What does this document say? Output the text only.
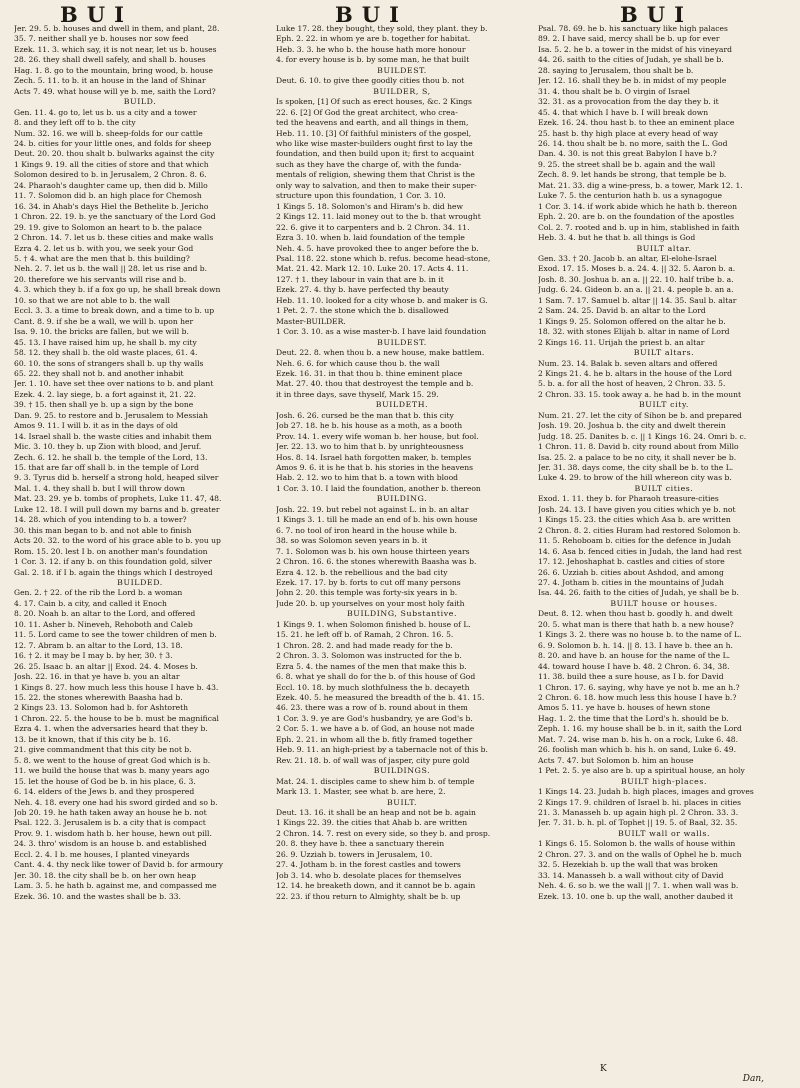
BUI	BUI	BUI
Jer. 29. 5. b. houses and dwell in them, and plant, 28.
35. 7. neither shall ye b. houses nor sow feed
Ezek. 11. 3. which say, it is not near, let us b. houses
28. 26. they shall dwell safely, and shall b. houses
Hag. 1. 8. go to the mountain, bring wood, b. house
Zech. 5. 11. to b. it an house in the land of Shinar
Acts 7. 49. what house will ye b. me, saith the Lord?
BUILD.
Gen. 11. 4. go to, let us b. us a city and a tower
8. and they left off to b. the city
Num. 32. 16. we will b. sheep-folds for our cattle
24. b. cities for your little ones, and folds for sheep
Deut. 20. 20. thou shalt b. bulwarks against the city
1 Kings 9. 19. all the cities of store and that which
Solomon desired to b. in Jerusalem, 2 Chron. 8. 6.
24. Pharaoh's daughter came up, then did b. Millo
11. 7. Solomon did b. an high place for Chemosh
16. 34. in Ahab's days Hiel the Bethelite b. Jericho
1 Chron. 22. 19. b. ye the sanctuary of the Lord God
29. 19. give to Solomon an heart to b. the palace
2 Chron. 14. 7. let us b. these cities and make walls
Ezra 4. 2. let us b. with you, we seek your God
5. † 4. what are the men that b. this building?
Neh. 2. 7. let us b. the wall || 28. let us rise and b.
20. therefore we his servants will rise and b.
4. 3. which they b. if a fox go up, he shall break down
10. so that we are not able to b. the wall
Eccl. 3. 3. a time to break down, and a time to b. up
Cant. 8. 9. if she be a wall, we will b. upon her
Isa. 9. 10. the bricks are fallen, but we will b.
45. 13. I have raised him up, he shall b. my city
58. 12. they shall b. the old waste places, 61. 4.
60. 10. the sons of strangers shall b. up thy walls
65. 22. they shall not b. and another inhabit
Jer. 1. 10. have set thee over nations to b. and plant
Ezek. 4. 2. lay siege, b. a fort against it, 21. 22.
39. † 15. then shall ye b. up a sign by the bone
Dan. 9. 25. to restore and b. Jerusalem to Messiah
Amos 9. 11. I will b. it as in the days of old
14. Israel shall b. the waste cities and inhabit them
Mic. 3. 10. they b. up Zion with blood, and Jeruf.
Zech. 6. 12. he shall b. the temple of the Lord, 13.
15. that are far off shall b. in the temple of Lord
9. 3. Tyrus did b. herself a strong hold, heaped silver
Mal. 1. 4. they shall b. but I will throw down
Mat. 23. 29. ye b. tombs of prophets, Luke 11. 47, 48.
Luke 12. 18. I will pull down my barns and b. greater
14. 28. which of you intending to b. a tower?
30. this man began to b. and not able to finish
Acts 20. 32. to the word of his grace able to b. you up
Rom. 15. 20. lest I b. on another man's foundation
1 Cor. 3. 12. if any b. on this foundation gold, silver
Gal. 2. 18. if I b. again the things which I destroyed
BUILDED.
Gen. 2. † 22. of the rib the Lord b. a woman
4. 17. Cain b. a city, and called it Enoch
8. 20. Noah b. an altar to the Lord, and offered
10. 11. Asher b. Nineveh, Rehoboth and Caleb
11. 5. Lord came to see the tower children of men b.
12. 7. Abram b. an altar to the Lord, 13. 18.
16. † 2. it may be I may b. by her, 30. † 3.
26. 25. Isaac b. an altar || Exod. 24. 4. Moses b.
Josh. 22. 16. in that ye have b. you an altar
1 Kings 8. 27. how much less this house I have b. 43.
15. 22. the stones wherewith Baasha had b.
2 Kings 23. 13. Solomon had b. for Ashtoreth
1 Chron. 22. 5. the house to be b. must be magnifical
Ezra 4. 1. when the adversaries heard that they b.
13. be it known, that if this city be b. 16.
21. give commandment that this city be not b.
5. 8. we went to the house of great God which is b.
11. we build the house that was b. many years ago
15. let the house of God be b. in his place, 6. 3.
6. 14. elders of the Jews b. and they prospered
Neh. 4. 18. every one had his sword girded and so b.
Job 20. 19. he hath taken away an house he b. not
Psal. 122. 3. Jerusalem is b. a city that is compact
Prov. 9. 1. wisdom hath b. her house, hewn out pill.
24. 3. thro' wisdom is an house b. and established
Eccl. 2. 4. I b. me houses, I planted vineyards
Cant. 4. 4. thy neck like tower of David b. for armoury
Jer. 30. 18. the city shall be b. on her own heap
Lam. 3. 5. he hath b. against me, and compassed me
Ezek. 36. 10. and the wastes shall be b. 33.
Luke 17. 28. they bought, they sold, they plant. they b.
Eph. 2. 22. in whom ye are b. together for habitat.
Heb. 3. 3. he who b. the house hath more honour
4. for every house is b. by some man, he that built
BUILDEST.
Deut. 6. 10. to give thee goodly cities thou b. not
BUILDER, S,
Is spoken, [1] Of such as erect houses, &c. 2 Kings
22. 6. [2] Of God the great architect, who crea-
ted the heavens and earth, and all things in them,
Heb. 11. 10. [3] Of faithful ministers of the gospel,
who like wise master-builders ought first to lay the
foundation, and then build upon it; first to acquaint
such as they have the charge of, with the funda-
mentals of religion, shewing them that Christ is the
only way to salvation, and then to make their super-
structure upon this foundation, 1 Cor. 3. 10.
1 Kings 5. 18. Solomon's and Hiram's b. did hew
2 Kings 12. 11. laid money out to the b. that wrought
22. 6. give it to carpenters and b. 2 Chron. 34. 11.
Ezra 3. 10. when b. laid foundation of the temple
Neh. 4. 5. have provoked thee to anger before the b.
Psal. 118. 22. stone which b. refus. become head-stone,
Mat. 21. 42. Mark 12. 10. Luke 20. 17. Acts 4. 11.
127. † 1. they labour in vain that are b. in it
Ezek. 27. 4. thy b. have perfected thy beauty
Heb. 11. 10. looked for a city whose b. and maker is G.
1 Pet. 2. 7. the stone which the b. disallowed
Master-BUILDER.
1 Cor. 3. 10. as a wise master-b. I have laid foundation
BUILDEST.
Deut. 22. 8. when thou b. a new house, make battlem.
Neh. 6. 6. for which cause thou b. the wall
Ezek. 16. 31. in that thou b. thine eminent place
Mat. 27. 40. thou that destroyest the temple and b.
it in three days, save thyself, Mark 15. 29.
BUILDETH.
Josh. 6. 26. cursed be the man that b. this city
Job 27. 18. he b. his house as a moth, as a booth
Prov. 14. 1. every wife woman b. her house, but fool.
Jer. 22. 13. wo to him that b. by unrighteousness
Hos. 8. 14. Israel hath forgotten maker, b. temples
Amos 9. 6. it is he that b. his stories in the heavens
Hab. 2. 12. wo to him that b. a town with blood
1 Cor. 3. 10. I laid the foundation, another b. thereon
BUILDING.
Josh. 22. 19. but rebel not against L. in b. an altar
1 Kings 3. 1. till he made an end of b. his own house
6. 7. no tool of iron heard in the house while b.
38. so was Solomon seven years in b. it
7. 1. Solomon was b. his own house thirteen years
2 Chron. 16. 6. the stones wherewith Baasha was b.
Ezra 4. 12. b. the rebellious and the bad city
Ezek. 17. 17. by b. forts to cut off many persons
John 2. 20. this temple was forty-six years in b.
Jude 20. b. up yourselves on your most holy faith
BUILDING, Substantive.
1 Kings 9. 1. when Solomon finished b. house of L.
15. 21. he left off b. of Ramah, 2 Chron. 16. 5.
1 Chron. 28. 2. and had made ready for the b.
2 Chron. 3. 3. Solomon was instructed for the b.
Ezra 5. 4. the names of the men that make this b.
6. 8. what ye shall do for the b. of this house of God
Eccl. 10. 18. by much slothfulness the b. decayeth
Ezek. 40. 5. he measured the breadth of the b. 41. 15.
46. 23. there was a row of b. round about in them
1 Cor. 3. 9. ye are God's husbandry, ye are God's b.
2 Cor. 5. 1. we have a b. of God, an house not made
Eph. 2. 21. in whom all the b. fitly framed together
Heb. 9. 11. an high-priest by a tabernacle not of this b.
Rev. 21. 18. b. of wall was of jasper, city pure gold
BUILDINGS.
Mat. 24. 1. disciples came to shew him b. of temple
Mark 13. 1. Master, see what b. are here, 2.
BUILT.
Deut. 13. 16. it shall be an heap and not be b. again
1 Kings 22. 39. the cities that Ahab b. are written
2 Chron. 14. 7. rest on every side, so they b. and prosp.
20. 8. they have b. thee a sanctuary therein
26. 9. Uzziah b. towers in Jerusalem, 10.
27. 4. Jotham b. in the forest castles and towers
Job 3. 14. who b. desolate places for themselves
12. 14. he breaketh down, and it cannot be b. again
22. 23. if thou return to Almighty, shalt be b. up
Psal. 78. 69. he b. his sanctuary like high palaces
89. 2. I have said, mercy shall be b. up for ever
Isa. 5. 2. he b. a tower in the midst of his vineyard
44. 26. saith to the cities of Judah, ye shall be b.
28. saying to Jerusalem, thou shalt be b.
Jer. 12. 16. shall they be b. in midst of my people
31. 4. thou shalt be b. O virgin of Israel
32. 31. as a provocation from the day they b. it
45. 4. that which I have b. I will break down
Ezek. 16. 24. thou hast b. to thee an eminent place
25. hast b. thy high place at every head of way
26. 14. thou shalt be b. no more, saith the L. God
Dan. 4. 30. is not this great Babylon I have b.?
9. 25. the street shall be b. again and the wall
Zech. 8. 9. let hands be strong, that temple be b.
Mat. 21. 33. dig a wine-press, b. a tower, Mark 12. 1.
Luke 7. 5. the centurion hath b. us a synagogue
1 Cor. 3. 14. if work abide which he hath b. thereon
Eph. 2. 20. are b. on the foundation of the apostles
Col. 2. 7. rooted and b. up in him, stablished in faith
Heb. 3. 4. but he that b. all things is God
BUILT altar.
Gen. 33. † 20. Jacob b. an altar, El-elohe-Israel
Exod. 17. 15. Moses b. a. 24. 4. || 32. 5. Aaron b. a.
Josh. 8. 30. Joshua b. an a. || 22. 10. half tribe b. a.
Judg. 6. 24. Gideon b. an a. || 21. 4. people b. an a.
1 Sam. 7. 17. Samuel b. altar || 14. 35. Saul b. altar
2 Sam. 24. 25. David b. an altar to the Lord
1 Kings 9. 25. Solomon offered on the altar he b.
18. 32. with stones Elijah b. altar in name of Lord
2 Kings 16. 11. Urijah the priest b. an altar
BUILT altars.
Num. 23. 14. Balak b. seven altars and offered
2 Kings 21. 4. he b. altars in the house of the Lord
5. b. a. for all the host of heaven, 2 Chron. 33. 5.
2 Chron. 33. 15. took away a. he had b. in the mount
BUILT city.
Num. 21. 27. let the city of Sihon be b. and prepared
Josh. 19. 20. Joshua b. the city and dwelt therein
Judg. 18. 25. Danites b. c. || 1 Kings 16. 24. Omri b. c.
1 Chron. 11. 8. David b. city round about from Millo
Isa. 25. 2. a palace to be no city, it shall never be b.
Jer. 31. 38. days come, the city shall be b. to the L.
Luke 4. 29. to brow of the hill whereon city was b.
BUILT cities.
Exod. 1. 11. they b. for Pharaoh treasure-cities
Josh. 24. 13. I have given you cities which ye b. not
1 Kings 15. 23. the cities which Asa b. are written
2 Chron. 8. 2. cities Huram had restored Solomon b.
11. 5. Rehoboam b. cities for the defence in Judah
14. 6. Asa b. fenced cities in Judah, the land had rest
17. 12. Jehoshaphat b. castles and cities of store
26. 6. Uzziah b. cities about Ashdod, and among
27. 4. Jotham b. cities in the mountains of Judah
Isa. 44. 26. faith to the cities of Judah, ye shall be b.
BUILT house or houses.
Deut. 8. 12. when thou hast b. goodly h. and dwelt
20. 5. what man is there that hath b. a new house?
1 Kings 3. 2. there was no house b. to the name of L.
6. 9. Solomon b. h. 14. || 8. 13. I have b. thee an h.
8. 20. and have b. an house for the name of the L.
44. toward house I have b. 48. 2 Chron. 6. 34, 38.
11. 38. build thee a sure house, as I b. for David
1 Chron. 17. 6. saying, why have ye not b. me an h.?
2 Chron. 6. 18. how much less this house I have b.?
Amos 5. 11. ye have b. houses of hewn stone
Hag. 1. 2. the time that the Lord's h. should be b.
Zeph. 1. 16. my house shall be b. in it, saith the Lord
Mat. 7. 24. wise man b. his h. on a rock, Luke 6. 48.
26. foolish man which b. his h. on sand, Luke 6. 49.
Acts 7. 47. but Solomon b. him an house
1 Pet. 2. 5. ye also are b. up a spiritual house, an holy
BUILT high-places.
1 Kings 14. 23. Judah b. high places, images and groves
2 Kings 17. 9. children of Israel b. hi. places in cities
21. 3. Manasseh b. up again high pl. 2 Chron. 33. 3.
Jer. 7. 31. b. h. pl. of Tophet || 19. 5. of Baal, 32. 35.
BUILT wall or walls.
1 Kings 6. 15. Solomon b. the walls of house within
2 Chron. 27. 3. and on the walls of Ophel he b. much
32. 5. Hezekiah b. up the wall that was broken
33. 14. Manasseh b. a wall without city of David
Neh. 4. 6. so b. we the wall || 7. 1. when wall was b.
Ezek. 13. 10. one b. up the wall, another daubed it
K
Dan,
